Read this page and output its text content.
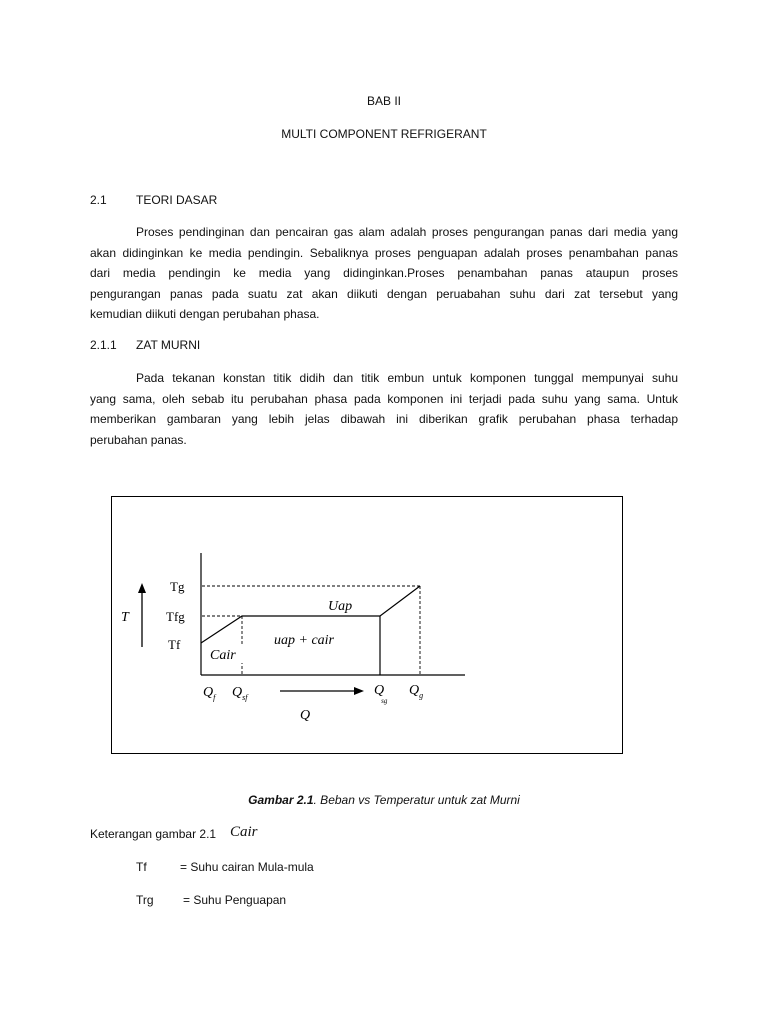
BAB II
MULTI COMPONENT REFRIGERANT
2.1 TEORI DASAR
Proses pendinginan dan pencairan gas alam adalah proses pengurangan panas dari media yang
akan didinginkan ke media pendingin. Sebaliknya proses penguapan adalah proses penambahan panas
dari media pendingin ke media yang didinginkan.Proses penambahan panas ataupun proses
pengurangan panas pada suatu zat akan diikuti dengan peruabahan suhu dari zat tersebut yang
kemudian diikuti dengan perubahan phasa.
2.1.1 ZAT MURNI
Pada tekanan konstan titik didih dan titik embun untuk komponen tunggal mempunyai suhu
yang sama, oleh sebab itu perubahan phasa pada komponen ini terjadi pada suhu yang sama. Untuk
memberikan gambaran yang lebih jelas dibawah ini diberikan grafik perubahan phasa terhadap
perubahan panas.
T
Tg
Tfg
Tf
Uap
uap + cair
Cair
$Q_f$ $Q_{sf}$	Q sg
$Q_g$
Q
Gambar 2.1. Beban vs Temperatur untuk zat Murni
Keterangan gambar 2.1 Cair
Tf	= Suhu cairan Mula-mula
Trg = Suhu Penguapan
